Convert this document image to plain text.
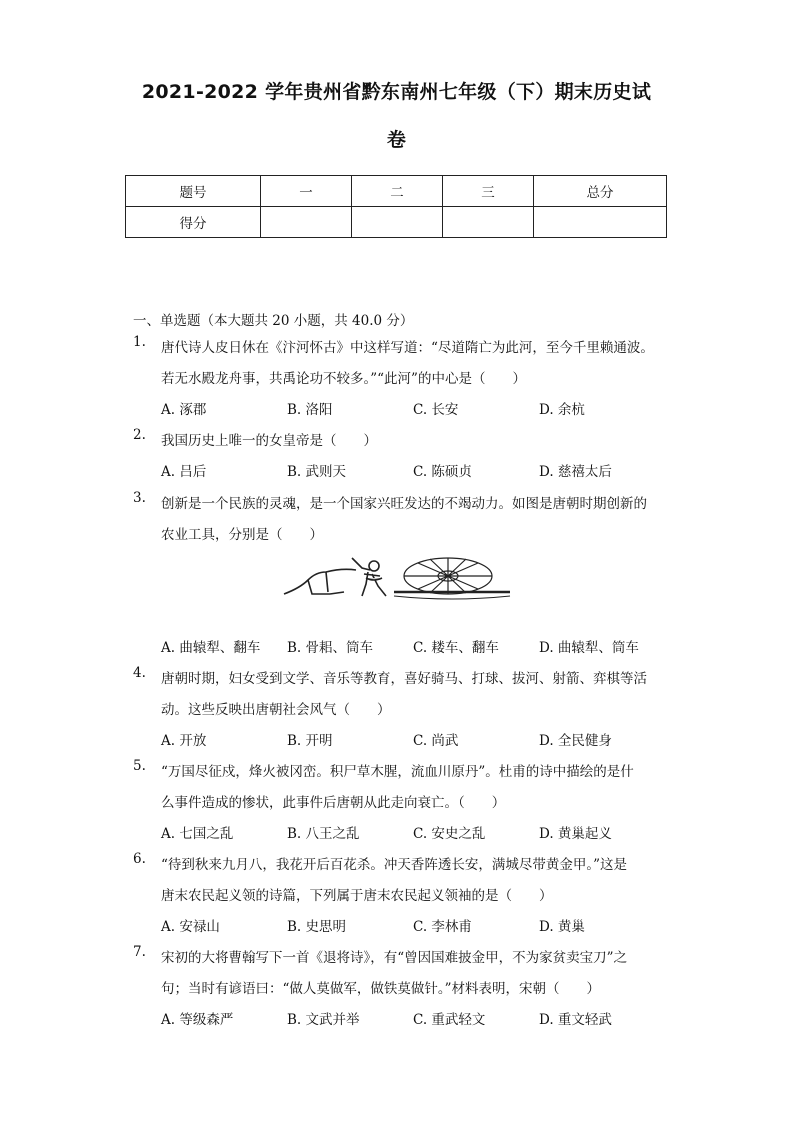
2021-2022 学年贵州省黔东南州七年级（下）期末历史试
卷
题号	一	二	三	总分
得分				
一、单选题（本大题共 20 小题，共 40.0 分）
1.	唐代诗人皮日休在《汴河怀古》中这样写道：“尽道隋亡为此河，至今千里赖通波。
若无水殿龙舟事，共禹论功不较多。”“此河”的中心是（　　）
A. 涿郡	B. 洛阳	C. 长安	D. 余杭
2.	我国历史上唯一的女皇帝是（　　）
A. 吕后	B. 武则天	C. 陈硕贞	D. 慈禧太后
3.	创新是一个民族的灵魂，是一个国家兴旺发达的不竭动力。如图是唐朝时期创新的
农业工具，分别是（　　）
A. 曲辕犁、翻车 B. 骨耜、筒车	C. 耧车、翻车	D. 曲辕犁、筒车
4.	唐朝时期，妇女受到文学、音乐等教育，喜好骑马、打球、拔河、射箭、弈棋等活
动。这些反映出唐朝社会风气（　　）
A. 开放	B. 开明	C. 尚武	D. 全民健身
5.	“万国尽征戍，烽火被冈峦。积尸草木腥，流血川原丹”。杜甫的诗中描绘的是什
么事件造成的惨状，此事件后唐朝从此走向衰亡。（　　）
A. 七国之乱	B. 八王之乱	C. 安史之乱	D. 黄巢起义
6.	“待到秋来九月八，我花开后百花杀。冲天香阵透长安，满城尽带黄金甲。”这是
唐末农民起义领的诗篇，下列属于唐末农民起义领袖的是（　　）
A. 安禄山	B. 史思明	C. 李林甫	D. 黄巢
7.	宋初的大将曹翰写下一首《退将诗》，有“曾因国难披金甲，不为家贫卖宝刀”之
句；当时有谚语曰：“做人莫做军，做铁莫做针。”材料表明，宋朝（　　）
A. 等级森严	B. 文武并举	C. 重武轻文	D. 重文轻武
